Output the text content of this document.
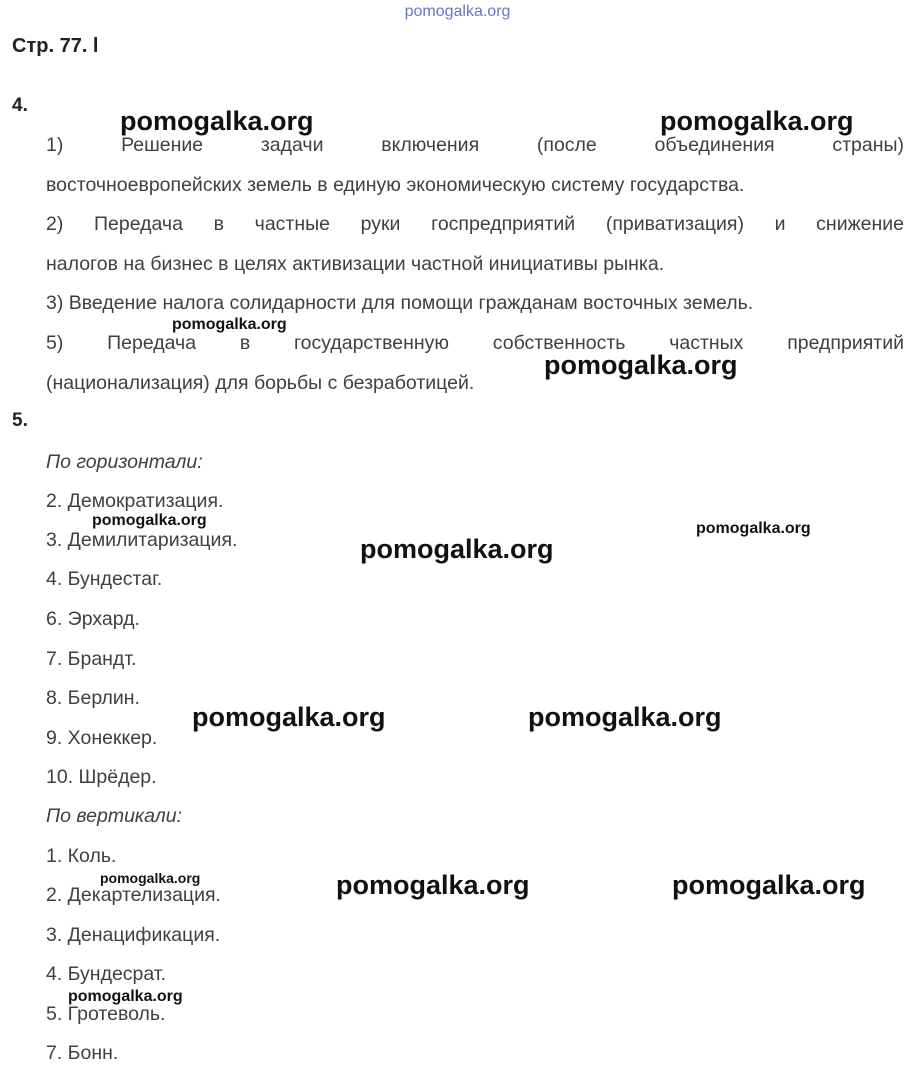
pomogalka.org
Стр. 77. l
4.
1) Решение задачи включения (после объединения страны)
восточноевропейских земель в единую экономическую систему государства.
2) Передача в частные руки госпредприятий (приватизация) и снижение
налогов на бизнес в целях активизации частной инициативы рынка.
3) Введение налога солидарности для помощи гражданам восточных земель.
5) Передача в государственную собственность частных предприятий
(национализация) для борьбы с безработицей.
5.
По горизонтали:
2. Демократизация.
3. Демилитаризация.
4. Бундестаг.
6. Эрхард.
7. Брандт.
8. Берлин.
9. Хонеккер.
10. Шрёдер.
По вертикали:
1. Коль.
2. Декартелизация.
3. Денацификация.
4. Бундесрат.
5. Гротеволь.
7. Бонн.
pomogalka.org	pomogalka.org
pomogalka.org
pomogalka.org
pomogalka.org	pomogalka.org
pomogalka.org
pomogalka.org	pomogalka.org
pomogalka.org	pomogalka.org	pomogalka.org
pomogalka.org
